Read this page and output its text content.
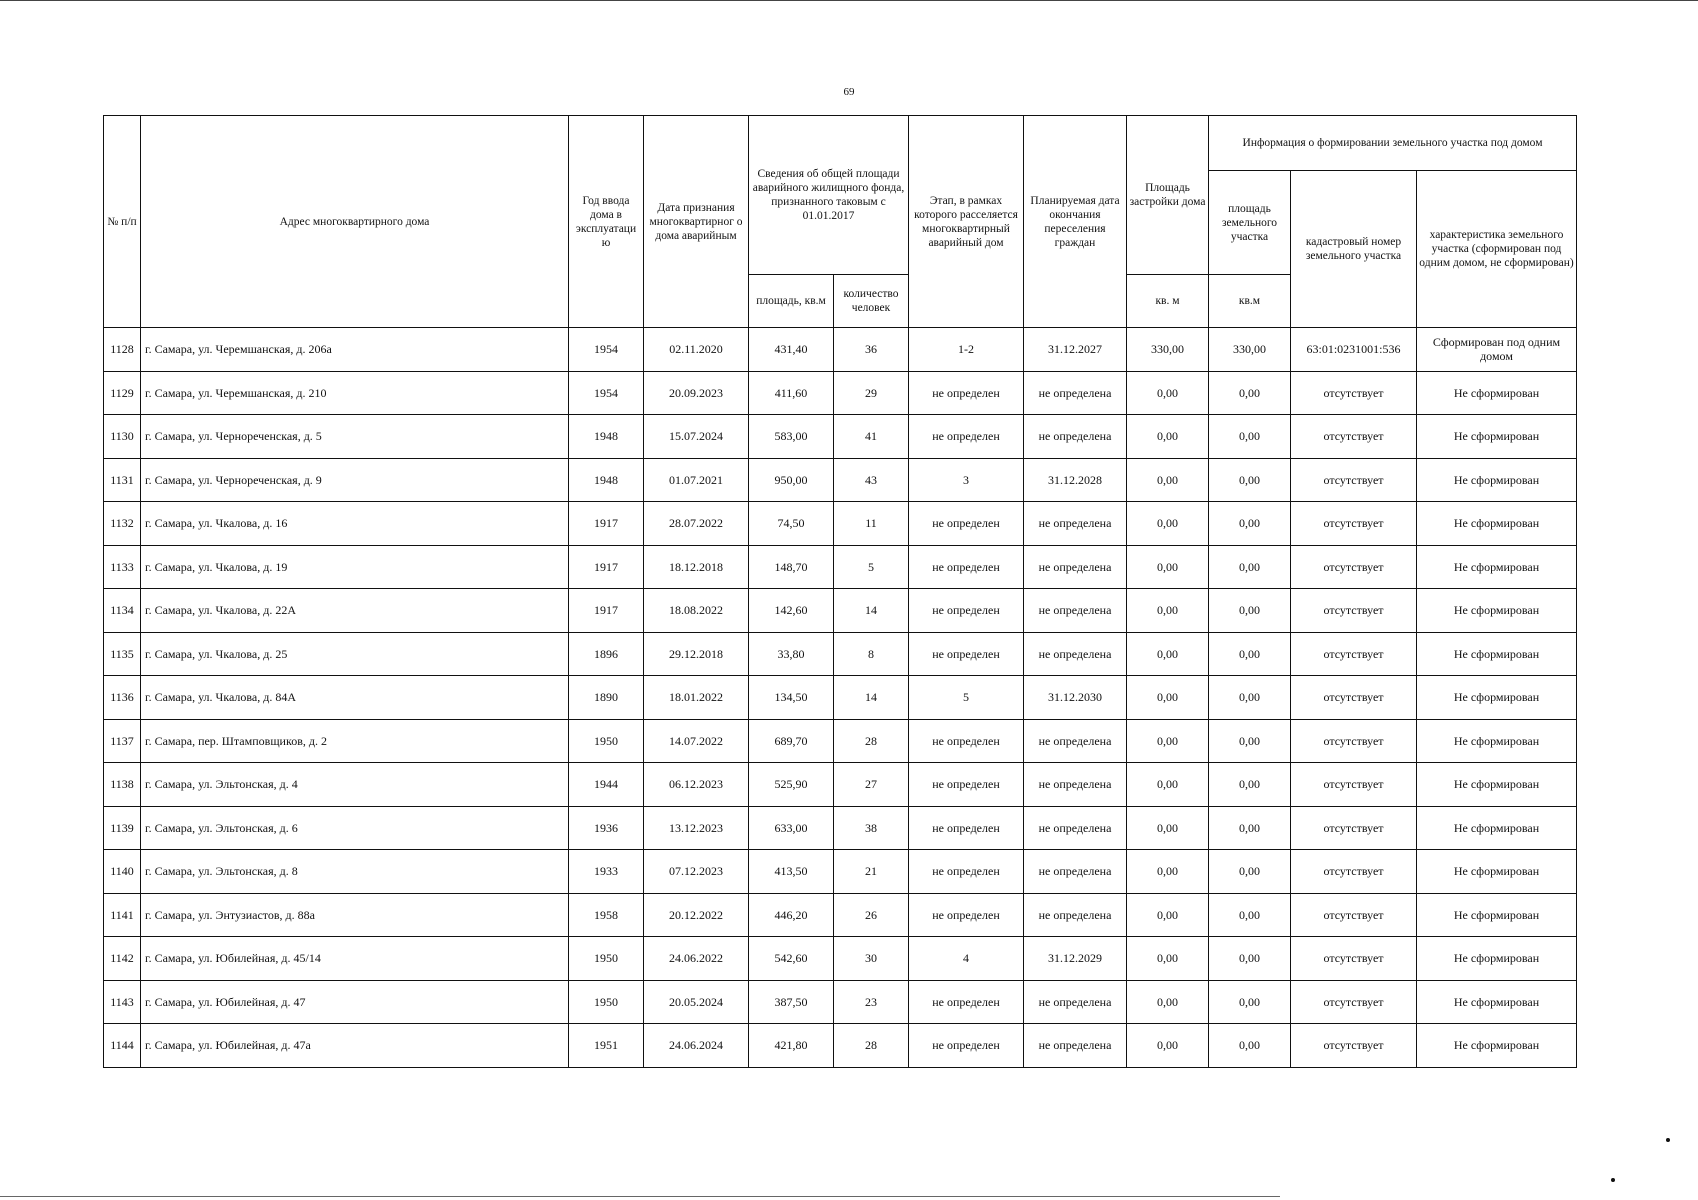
69
№ п/п	Адрес многоквартирного дома	Год ввода дома в эксплуатаци ю	Дата признания многоквартирног о дома аварийным	Сведения об общей площади аварийного жилищного фонда, признанного таковым с 01.01.2017		Этап, в рамках которого расселяется многоквартирный аварийный дом	Планируемая дата окончания переселения граждан	Площадь застройки дома	Информация о формировании земельного участка под домом		
									площадь земельного участка	кадастровый номер земельного участка	характеристика земельного участка (сформирован под одним домом, не сформирован)
				площадь, кв.м	количество человек			кв. м	кв.м		
1128	г. Самара, ул. Черемшанская, д. 206а	1954	02.11.2020	431,40	36	1-2	31.12.2027	330,00	330,00	63:01:0231001:536	Сформирован под одним домом
1129	г. Самара, ул. Черемшанская, д. 210	1954	20.09.2023	411,60	29	не определен	не определена	0,00	0,00	отсутствует	Не сформирован
1130	г. Самара, ул. Чернореченская, д. 5	1948	15.07.2024	583,00	41	не определен	не определена	0,00	0,00	отсутствует	Не сформирован
1131	г. Самара, ул. Чернореченская, д. 9	1948	01.07.2021	950,00	43	3	31.12.2028	0,00	0,00	отсутствует	Не сформирован
1132	г. Самара, ул. Чкалова, д. 16	1917	28.07.2022	74,50	11	не определен	не определена	0,00	0,00	отсутствует	Не сформирован
1133	г. Самара, ул. Чкалова, д. 19	1917	18.12.2018	148,70	5	не определен	не определена	0,00	0,00	отсутствует	Не сформирован
1134	г. Самара, ул. Чкалова, д. 22А	1917	18.08.2022	142,60	14	не определен	не определена	0,00	0,00	отсутствует	Не сформирован
1135	г. Самара, ул. Чкалова, д. 25	1896	29.12.2018	33,80	8	не определен	не определена	0,00	0,00	отсутствует	Не сформирован
1136	г. Самара, ул. Чкалова, д. 84А	1890	18.01.2022	134,50	14	5	31.12.2030	0,00	0,00	отсутствует	Не сформирован
1137	г. Самара, пер. Штамповщиков, д. 2	1950	14.07.2022	689,70	28	не определен	не определена	0,00	0,00	отсутствует	Не сформирован
1138	г. Самара, ул. Эльтонская, д. 4	1944	06.12.2023	525,90	27	не определен	не определена	0,00	0,00	отсутствует	Не сформирован
1139	г. Самара, ул. Эльтонская, д. 6	1936	13.12.2023	633,00	38	не определен	не определена	0,00	0,00	отсутствует	Не сформирован
1140	г. Самара, ул. Эльтонская, д. 8	1933	07.12.2023	413,50	21	не определен	не определена	0,00	0,00	отсутствует	Не сформирован
1141	г. Самара, ул. Энтузиастов, д. 88а	1958	20.12.2022	446,20	26	не определен	не определена	0,00	0,00	отсутствует	Не сформирован
1142	г. Самара, ул. Юбилейная, д. 45/14	1950	24.06.2022	542,60	30	4	31.12.2029	0,00	0,00	отсутствует	Не сформирован
1143	г. Самара, ул. Юбилейная, д. 47	1950	20.05.2024	387,50	23	не определен	не определена	0,00	0,00	отсутствует	Не сформирован
1144	г. Самара, ул. Юбилейная, д. 47а	1951	24.06.2024	421,80	28	не определен	не определена	0,00	0,00	отсутствует	Не сформирован
